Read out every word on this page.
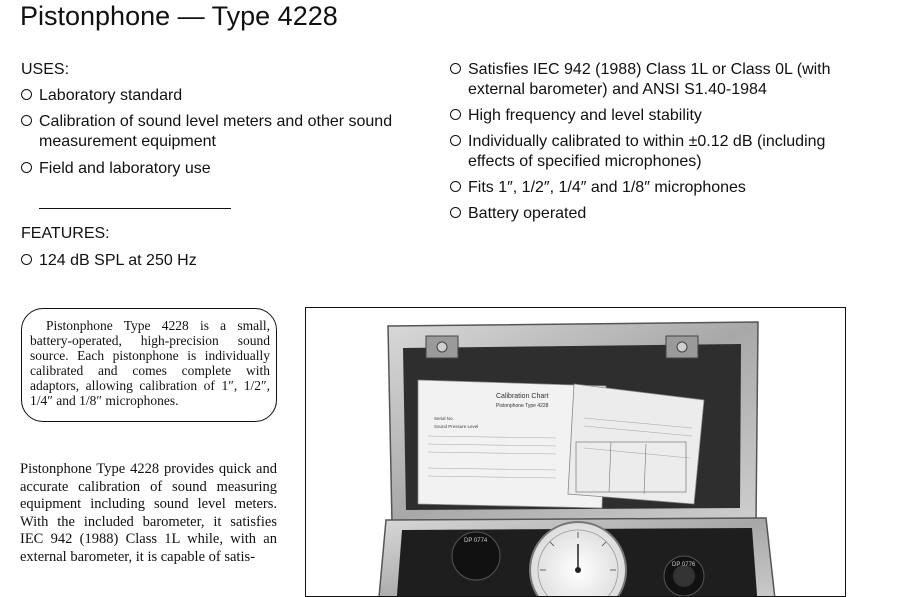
Pistonphone — Type 4228
USES:
Laboratory standard
Calibration of sound level meters and other sound measurement equipment
Field and laboratory use
FEATURES:
124 dB SPL at 250 Hz
Satisfies IEC 942 (1988) Class 1L or Class 0L (with external barometer) and ANSI S1.40-1984
High frequency and level stability
Individually calibrated to within ±0.12 dB (including effects of specified microphones)
Fits 1″, 1/2″, 1/4″ and 1/8″ microphones
Battery operated
Pistonphone Type 4228 is a small, battery-operated, high-precision sound source. Each pistonphone is individually calibrated and comes complete with adaptors, allowing calibration of 1″, 1/2″, 1/4″ and 1/8″ microphones.
Pistonphone Type 4228 provides quick and accurate calibration of sound measuring equipment including sound level meters. With the included barometer, it satisfies IEC 942 (1988) Class 1L while, with an external barometer, it is capable of satis-
Calibration Chart
Pistonphone Type 4228
Serial No.
Sound Pressure Level
DP 0774
DP 0776
